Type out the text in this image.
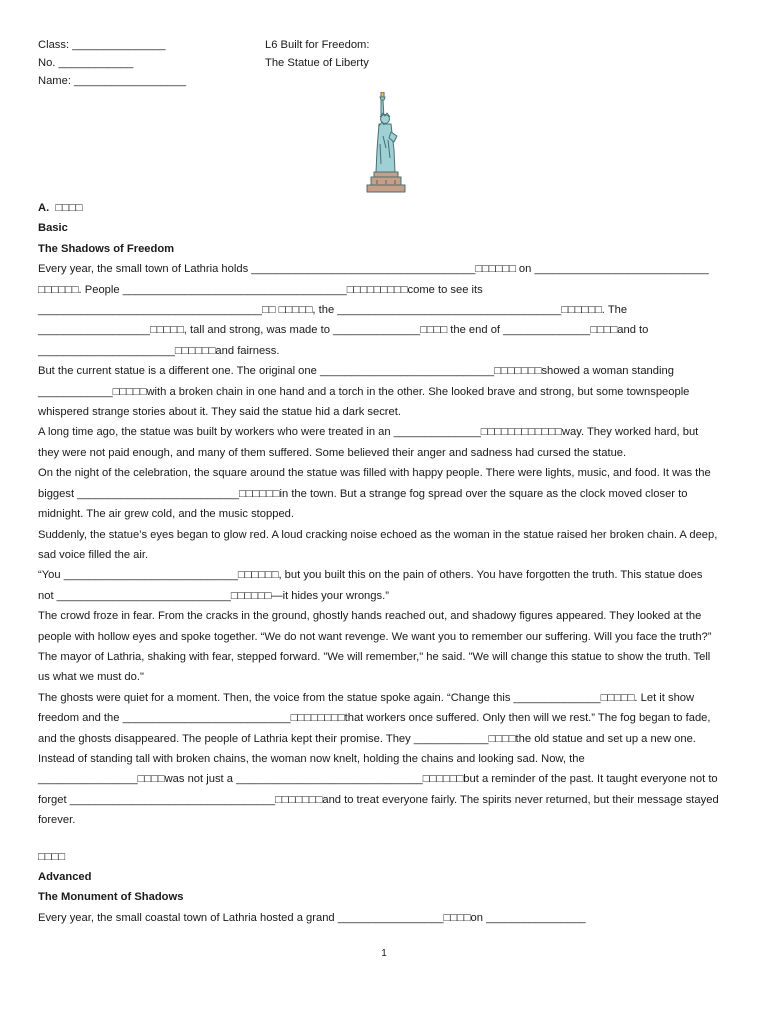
Class: _______________
No. ____________
Name: __________________
L6 Built for Freedom:
The Statue of Liberty

A. □□□□

Basic

The Shadows of Freedom

Every year, the small town of Lathria holds ____________________________________□□□□□□ on ____________________________ □□□□□□. People ____________________________________□□□□□□□□□come to see its ____________________________________□□ □□□□□, the ____________________________________□□□□□□. The __________________□□□□□, tall and strong, was made to ______________□□□□ the end of ______________□□□□and to ______________________□□□□□□and fairness.

But the current statue is a different one. The original one ____________________________□□□□□□□showed a woman standing ____________□□□□□with a broken chain in one hand and a torch in the other. She looked brave and strong, but some townspeople whispered strange stories about it. They said the statue hid a dark secret.

A long time ago, the statue was built by workers who were treated in an ______________□□□□□□□□□□□□way. They worked hard, but they were not paid enough, and many of them suffered. Some believed their anger and sadness had cursed the statue.

On the night of the celebration, the square around the statue was filled with happy people. There were lights, music, and food. It was the biggest __________________________□□□□□□in the town. But a strange fog spread over the square as the clock moved closer to midnight. The air grew cold, and the music stopped.

Suddenly, the statue’s eyes began to glow red. A loud cracking noise echoed as the woman in the statue raised her broken chain. A deep, sad voice filled the air.

“You ____________________________□□□□□□, but you built this on the pain of others. You have forgotten the truth. This statue does not ____________________________□□□□□□—it hides your wrongs.”

The crowd froze in fear. From the cracks in the ground, ghostly hands reached out, and shadowy figures appeared. They looked at the people with hollow eyes and spoke together. “We do not want revenge. We want you to remember our suffering. Will you face the truth?”

The mayor of Lathria, shaking with fear, stepped forward. "We will remember," he said. "We will change this statue to show the truth. Tell us what we must do."

The ghosts were quiet for a moment. Then, the voice from the statue spoke again. “Change this ______________□□□□□. Let it show freedom and the ___________________________□□□□□□□□that workers once suffered. Only then will we rest.” The fog began to fade, and the ghosts disappeared. The people of Lathria kept their promise. They ____________□□□□the old statue and set up a new one. Instead of standing tall with broken chains, the woman now knelt, holding the chains and looking sad. Now, the ________________□□□□was not just a ______________________________□□□□□□but a reminder of the past. It taught everyone not to forget _________________________________□□□□□□□and to treat everyone fairly. The spirits never returned, but their message stayed forever.

□□□□

Advanced

The Monument of Shadows

Every year, the small coastal town of Lathria hosted a grand _________________□□□□on ________________

1
